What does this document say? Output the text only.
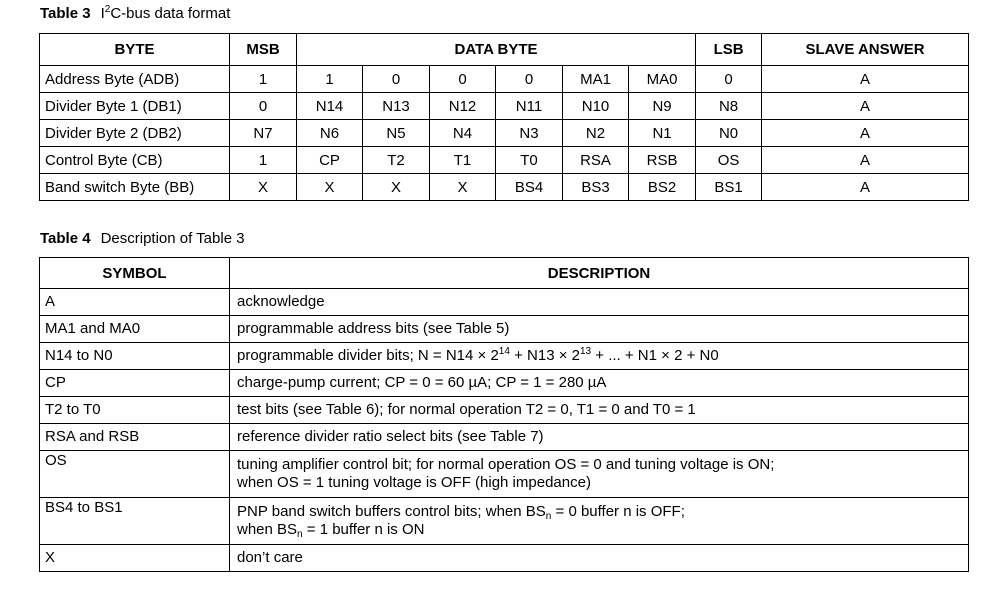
Table 3 $I^2C$-bus data format
BYTE	MSB	DATA BYTE						LSB	SLAVE ANSWER
Address Byte (ADB)	1	1	0	0	0	MA1	MA0	0	A
Divider Byte 1 (DB1)	0	N14	N13	N12	N11	N10	N9	N8	A
Divider Byte 2 (DB2)	N7	N6	N5	N4	N3	N2	N1	N0	A
Control Byte (CB)	1	CP	T2	T1	T0	RSA	RSB	OS	A
Band switch Byte (BB)	X	X	X	X	BS4	BS3	BS2	BS1	A
Table 4 Description of Table 3
SYMBOL	DESCRIPTION
A	acknowledge
MA1 and MA0	programmable address bits (see Table 5)
N14 to N0	programmable divider bits; $N = N14 \times 2^{14} + N13 \times 2^{13}$ + ... + N1 × 2 + N0
CP	charge-pump current; CP = 0 = 60 µA; CP = 1 = 280 µA
T2 to T0	test bits (see Table 6); for normal operation T2 = 0, T1 = 0 and T0 = 1
RSA and RSB	reference divider ratio select bits (see Table 7)
OS	tuning amplifier control bit; for normal operation OS = 0 and tuning voltage is ON;
when OS = 1 tuning voltage is OFF (high impedance)

BS4 to BS1	PNP band switch buffers control bits; when $BS_n = 0$ buffer n is OFF;
when $BS_n = 1$ buffer n is ON

X	don’t care
